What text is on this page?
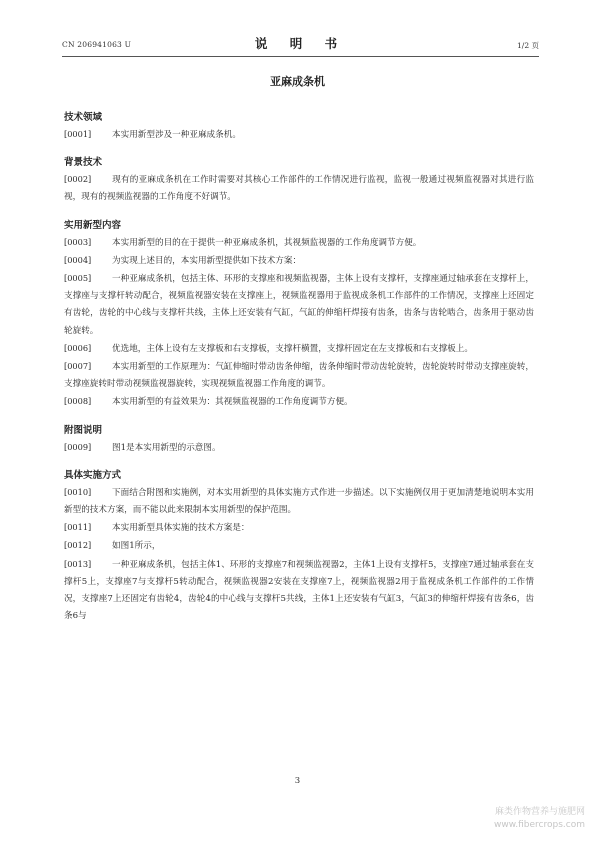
CN 206941063 U	说 明 书	1/2 页
亚麻成条机
技术领域

[0001] 本实用新型涉及一种亚麻成条机。

背景技术

[0002] 现有的亚麻成条机在工作时需要对其核心工作部件的工作情况进行监视，监视一般通过视频监视器对其进行监视，现有的视频监视器的工作角度不好调节。

实用新型内容

[0003] 本实用新型的目的在于提供一种亚麻成条机，其视频监视器的工作角度调节方便。

[0004] 为实现上述目的，本实用新型提供如下技术方案：

[0005] 一种亚麻成条机，包括主体、环形的支撑座和视频监视器，主体上设有支撑杆，支撑座通过轴承套在支撑杆上，支撑座与支撑杆转动配合，视频监视器安装在支撑座上，视频监视器用于监视成条机工作部件的工作情况，支撑座上还固定有齿轮，齿轮的中心线与支撑杆共线，主体上还安装有气缸，气缸的伸缩杆焊接有齿条，齿条与齿轮啮合，齿条用于驱动齿轮旋转。

[0006] 优选地，主体上设有左支撑板和右支撑板，支撑杆横置，支撑杆固定在左支撑板和右支撑板上。

[0007] 本实用新型的工作原理为：气缸伸缩时带动齿条伸缩，齿条伸缩时带动齿轮旋转，齿轮旋转时带动支撑座旋转，支撑座旋转时带动视频监视器旋转，实现视频监视器工作角度的调节。

[0008] 本实用新型的有益效果为：其视频监视器的工作角度调节方便。

附图说明

[0009] 图1是本实用新型的示意图。

具体实施方式

[0010] 下面结合附图和实施例，对本实用新型的具体实施方式作进一步描述。以下实施例仅用于更加清楚地说明本实用新型的技术方案，而不能以此来限制本实用新型的保护范围。

[0011] 本实用新型具体实施的技术方案是：

[0012] 如图1所示，

[0013] 一种亚麻成条机，包括主体1、环形的支撑座7和视频监视器2，主体1上设有支撑杆5，支撑座7通过轴承套在支撑杆5上，支撑座7与支撑杆5转动配合，视频监视器2安装在支撑座7上，视频监视器2用于监视成条机工作部件的工作情况，支撑座7上还固定有齿轮4，齿轮4的中心线与支撑杆5共线，主体1上还安装有气缸3，气缸3的伸缩杆焊接有齿条6，齿条6与

3
麻类作物营养与施肥网
www.fibercrops.com
